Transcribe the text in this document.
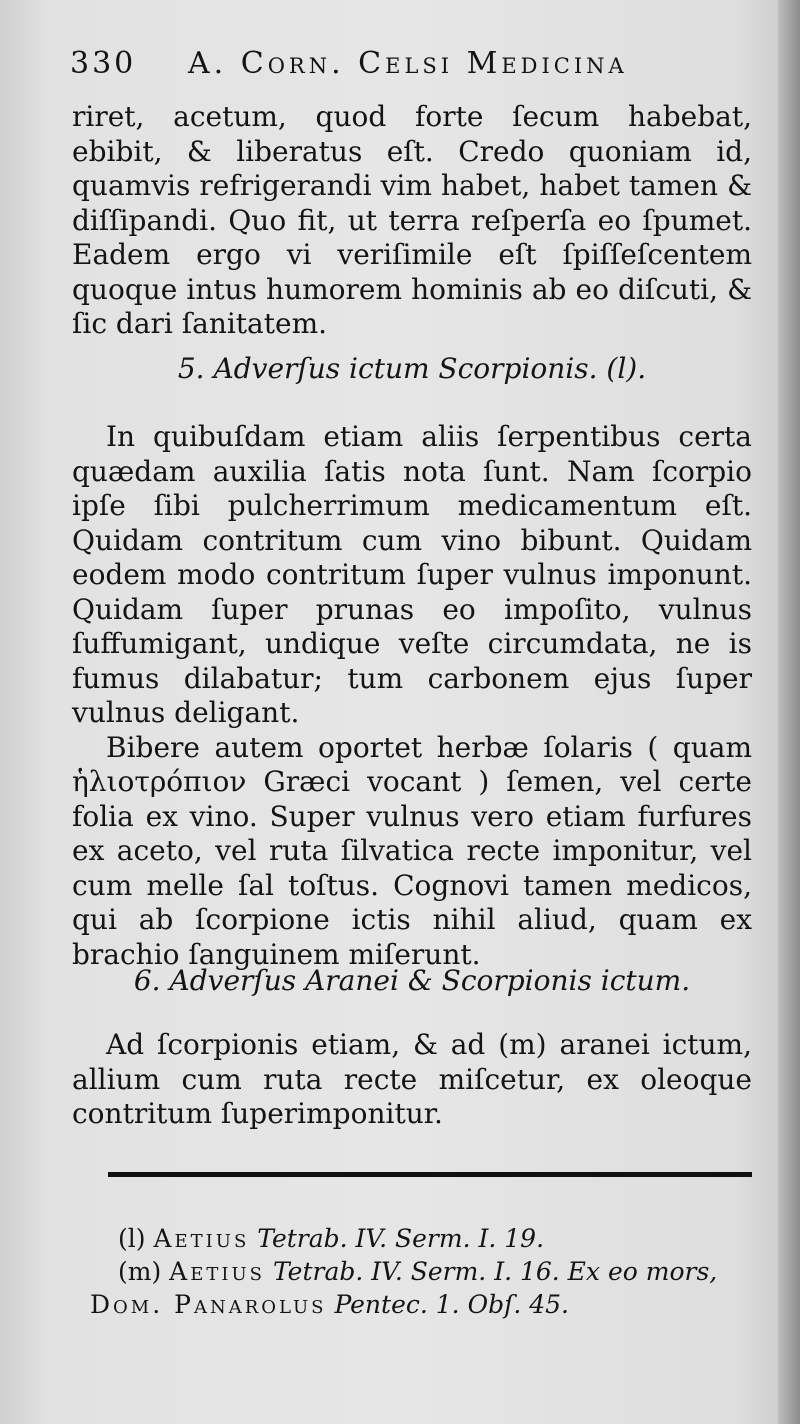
330 A. Corn. Celsi Medicina

riret, acetum, quod forte ſecum habebat, ebibit, & liberatus eſt. Credo quoniam id, quamvis refrigerandi vim habet, habet tamen & diſſipandi. Quo fit, ut terra reſperſa eo ſpumet. Eadem ergo vi veriſimile eſt ſpiſſeſcentem quoque intus humorem hominis ab eo diſcuti, & ſic dari ſanitatem.

5. Adverſus ictum Scorpionis. (l).

In quibuſdam etiam aliis ſerpentibus certa quædam auxilia ſatis nota ſunt. Nam ſcorpio ipſe ſibi pulcherrimum medicamentum eſt. Quidam contritum cum vino bibunt. Quidam eodem modo contritum ſuper vulnus imponunt. Quidam ſuper prunas eo impoſito, vulnus ſuffumigant, undique veſte circumdata, ne is fumus dilabatur; tum carbonem ejus ſuper vulnus deligant.

Bibere autem oportet herbæ ſolaris ( quam ἡλιοτρόπιον Græci vocant ) ſemen, vel certe folia ex vino. Super vulnus vero etiam furfures ex aceto, vel ruta ſilvatica recte imponitur, vel cum melle ſal toſtus. Cognovi tamen medicos, qui ab ſcorpione ictis nihil aliud, quam ex brachio ſanguinem miſerunt.

6. Adverſus Aranei & Scorpionis ictum.

Ad ſcorpionis etiam, & ad (m) aranei ictum, allium cum ruta recte miſcetur, ex oleoque contritum ſuperimponitur.

(l) Aetius Tetrab. IV. Serm. I. 19.
(m) Aetius Tetrab. IV. Serm. I. 16. Ex eo mors,
Dom. Panarolus Pentec. 1. Obſ. 45.
